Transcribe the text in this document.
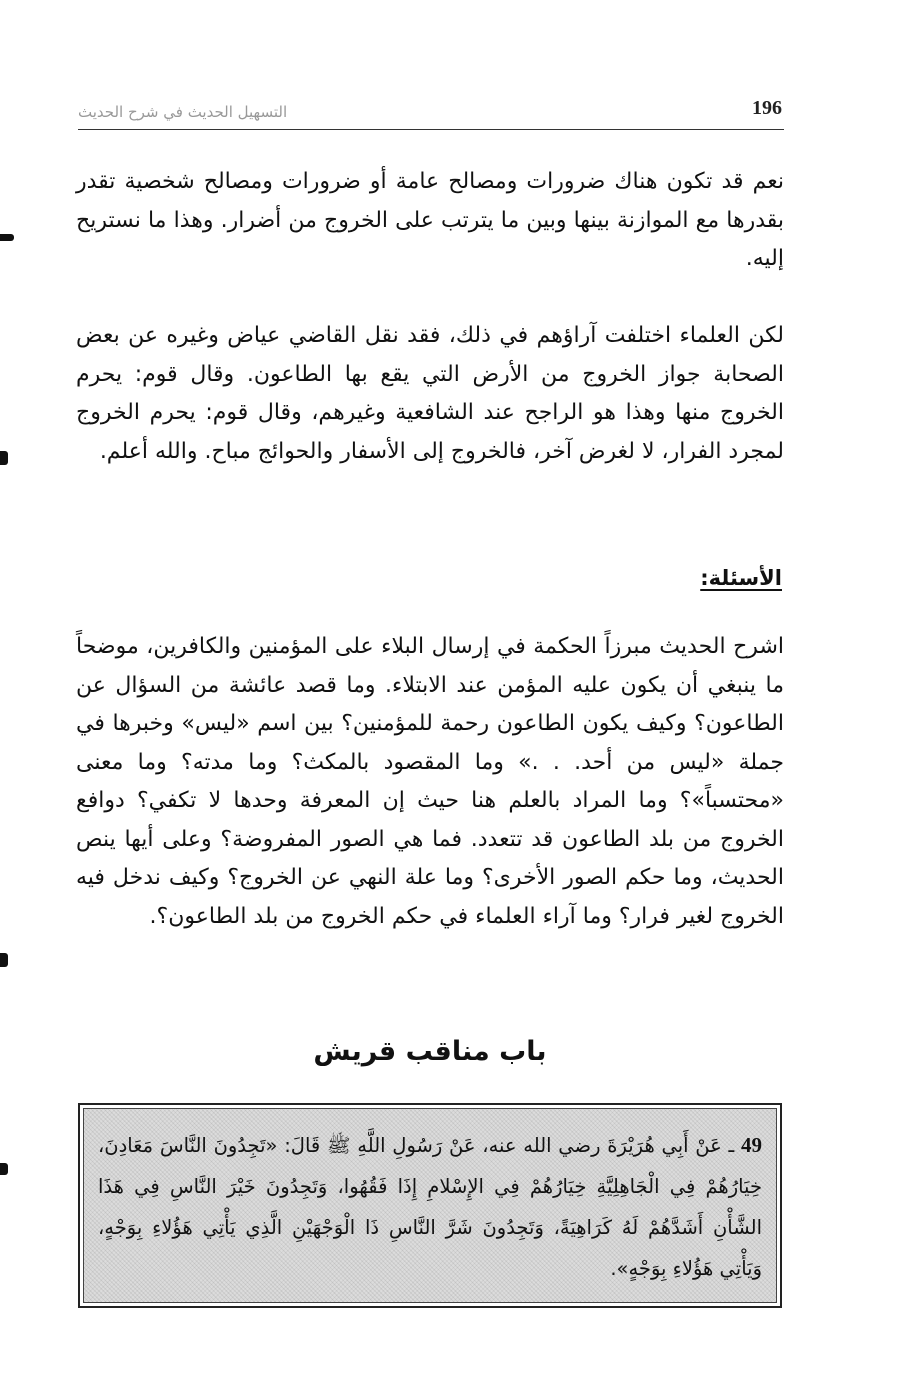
196
التسهيل الحديث في شرح الحديث

نعم قد تكون هناك ضرورات ومصالح عامة أو ضرورات ومصالح شخصية تقدر بقدرها مع الموازنة بينها وبين ما يترتب على الخروج من أضرار. وهذا ما نستريح إليه.

لكن العلماء اختلفت آراؤهم في ذلك، فقد نقل القاضي عياض وغيره عن بعض الصحابة جواز الخروج من الأرض التي يقع بها الطاعون. وقال قوم: يحرم الخروج منها وهذا هو الراجح عند الشافعية وغيرهم، وقال قوم: يحرم الخروج لمجرد الفرار، لا لغرض آخر، فالخروج إلى الأسفار والحوائج مباح. والله أعلم.

الأسئلة:

اشرح الحديث مبرزاً الحكمة في إرسال البلاء على المؤمنين والكافرين، موضحاً ما ينبغي أن يكون عليه المؤمن عند الابتلاء. وما قصد عائشة من السؤال عن الطاعون؟ وكيف يكون الطاعون رحمة للمؤمنين؟ بين اسم «ليس» وخبرها في جملة «ليس من أحد. . .» وما المقصود بالمكث؟ وما مدته؟ وما معنى «محتسباً»؟ وما المراد بالعلم هنا حيث إن المعرفة وحدها لا تكفي؟ دوافع الخروج من بلد الطاعون قد تتعدد. فما هي الصور المفروضة؟ وعلى أيها ينص الحديث، وما حكم الصور الأخرى؟ وما علة النهي عن الخروج؟ وكيف ندخل فيه الخروج لغير فرار؟ وما آراء العلماء في حكم الخروج من بلد الطاعون؟.

باب مناقب قريش

49 ـ عَنْ أَبِي هُرَيْرَةَ رضي الله عنه، عَنْ رَسُولِ اللَّهِ ﷺ قَالَ: «تَجِدُونَ النَّاسَ مَعَادِنَ، خِيَارُهُمْ فِي الْجَاهِلِيَّةِ خِيَارُهُمْ فِي الإِسْلامِ إِذَا فَقُهُوا، وَتَجِدُونَ خَيْرَ النَّاسِ فِي هَذَا الشَّأْنِ أَشَدَّهُمْ لَهُ كَرَاهِيَةً، وَتَجِدُونَ شَرَّ النَّاسِ ذَا الْوَجْهَيْنِ الَّذِي يَأْتِي هَؤُلاءِ بِوَجْهٍ، وَيَأْتِي هَؤُلاءِ بِوَجْهٍ».
